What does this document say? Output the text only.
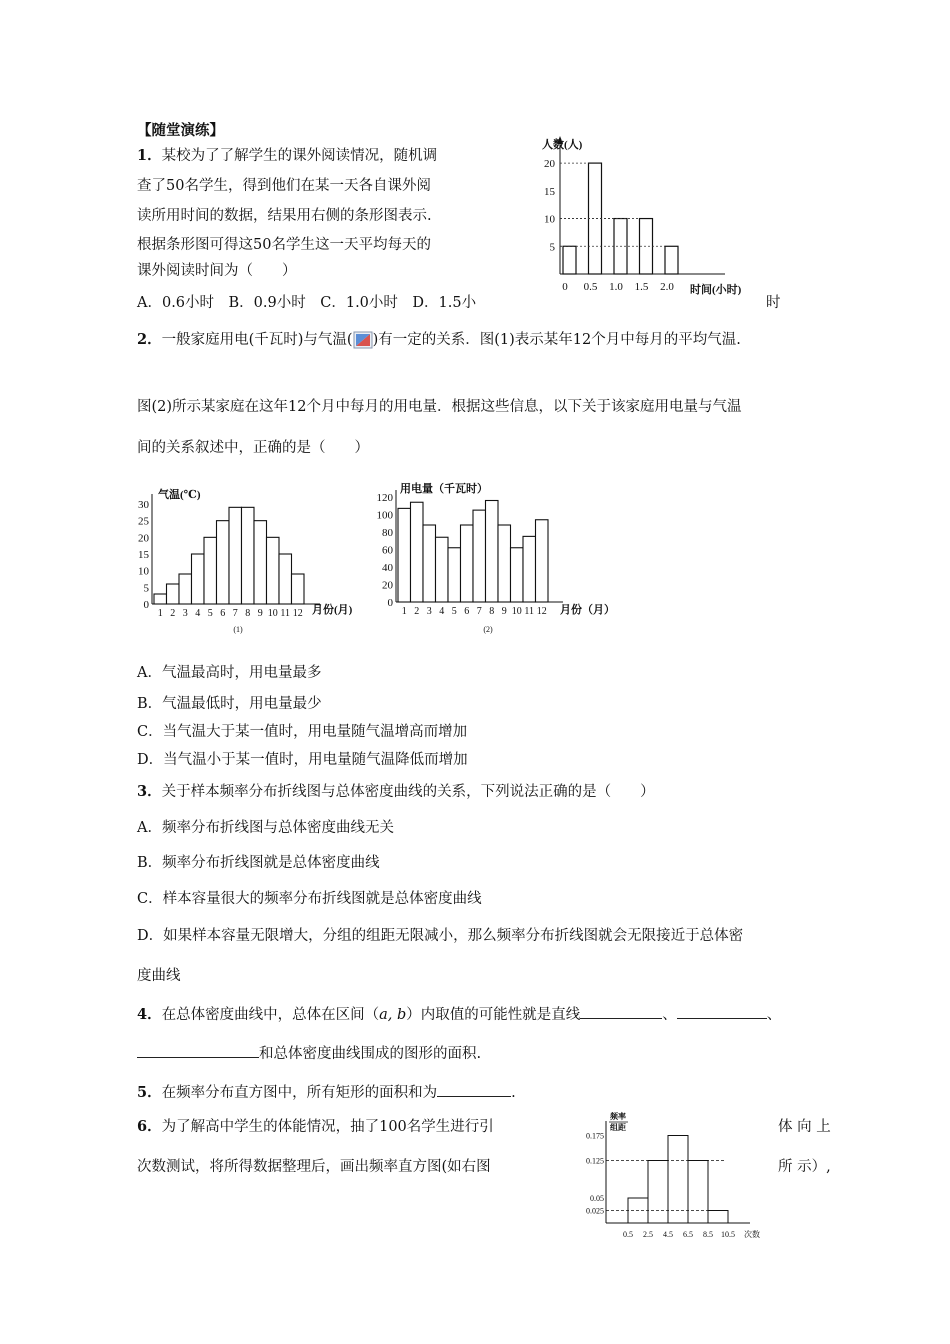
【随堂演练】
1．某校为了了解学生的课外阅读情况，随机调
查了50名学生，得到他们在某一天各自课外阅
读所用时间的数据，结果用右侧的条形图表示.
根据条形图可得这50名学生这一天平均每天的
课外阅读时间为（　　）
A．0.6小时　B．0.9小时　C．1.0小时　D．1.5小	时
人数(人)
时间(小时)
5
10
15
20
0 0.5 1.0 1.5 2.0
2．一般家庭用电(千瓦时)与气温( )有一定的关系．图(1)表示某年12个月中每月的平均气温.
图(2)所示某家庭在这年12个月中每月的用电量．根据这些信息，以下关于该家庭用电量与气温
间的关系叙述中，正确的是（　　）
气温(℃)
月份(月)
(1)
0
5
10
15
20
25
30
1 2 3 4 5 6 7 8 9 10 11 12
用电量（千瓦时）
月份（月）
(2)
0
20
40
60
80
100
120
1 2 3 4 5 6 7 8 9 10 11 12
A．气温最高时，用电量最多
B．气温最低时，用电量最少
C．当气温大于某一值时，用电量随气温增高而增加
D．当气温小于某一值时，用电量随气温降低而增加
3．关于样本频率分布折线图与总体密度曲线的关系，下列说法正确的是（　　）
A．频率分布折线图与总体密度曲线无关
B．频率分布折线图就是总体密度曲线
C．样本容量很大的频率分布折线图就是总体密度曲线
D．如果样本容量无限增大，分组的组距无限减小，那么频率分布折线图就会无限接近于总体密
度曲线
4．在总体密度曲线中，总体在区间（a, b）内取值的可能性就是直线	、	、
和总体密度曲线围成的图形的面积.
5．在频率分布直方图中，所有矩形的面积和为	.
6．为了解高中学生的体能情况，抽了100名学生进行引	体 向 上
次数测试，将所得数据整理后，画出频率直方图(如右图	所 示）,
频率
组距
次数
0.025
0.05
0.125
0.175
0.5 2.5 4.5 6.5 8.5 10.5
